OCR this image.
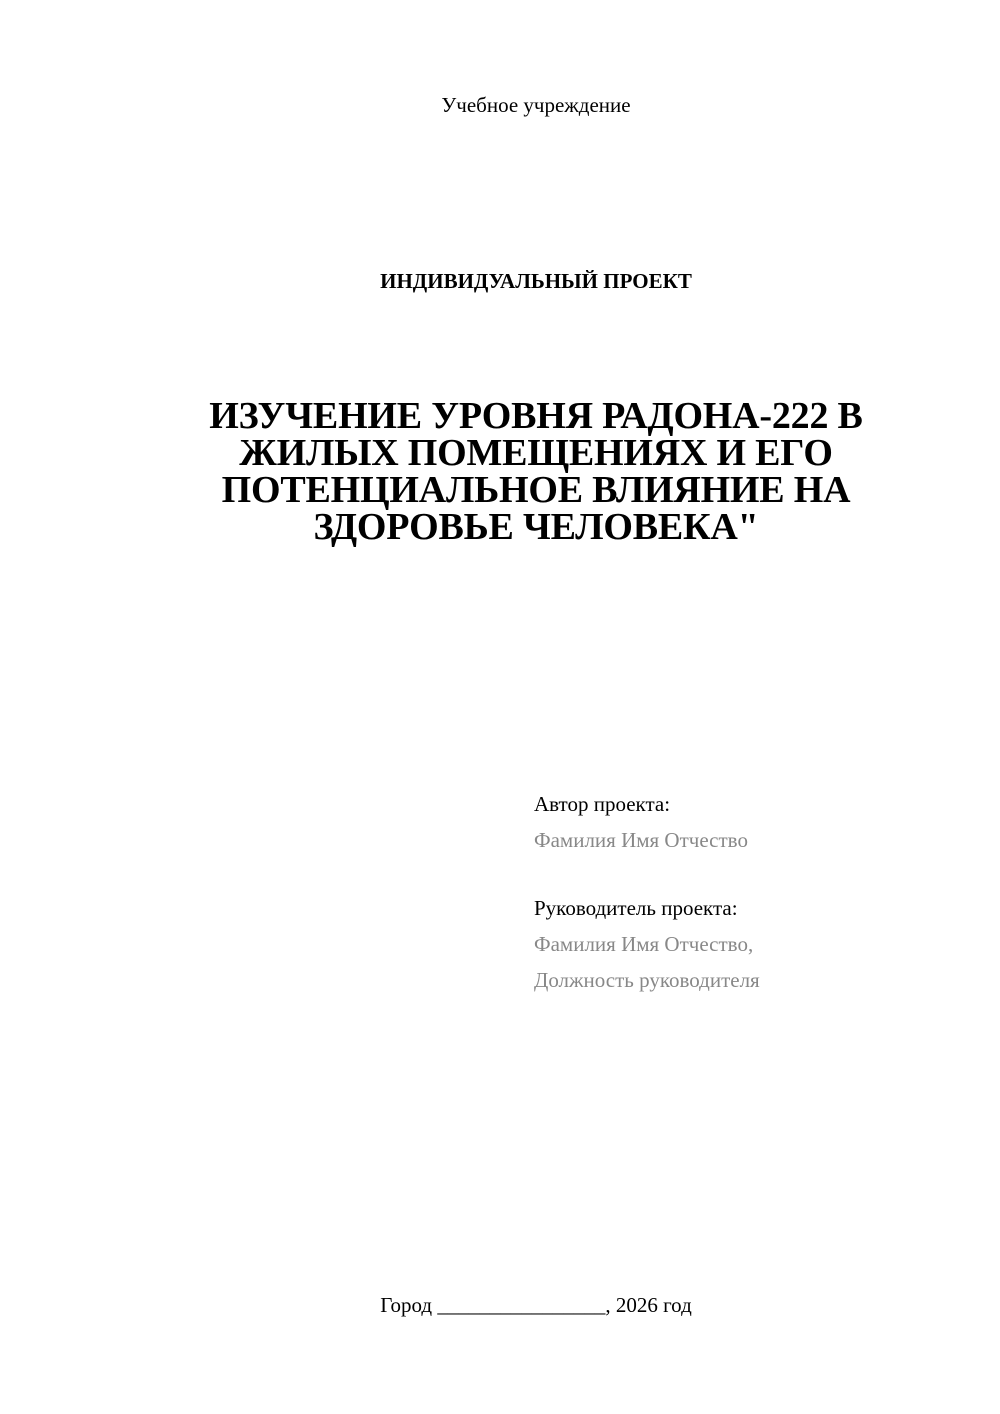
Учебное учреждение
ИНДИВИДУАЛЬНЫЙ ПРОЕКТ
ИЗУЧЕНИЕ УРОВНЯ РАДОНА-222 В
ЖИЛЫХ ПОМЕЩЕНИЯХ И ЕГО
ПОТЕНЦИАЛЬНОЕ ВЛИЯНИЕ НА
ЗДОРОВЬЕ ЧЕЛОВЕКА"
Автор проекта:
Фамилия Имя Отчество
Руководитель проекта:
Фамилия Имя Отчество,
Должность руководителя
Город ________________, 2026 год
